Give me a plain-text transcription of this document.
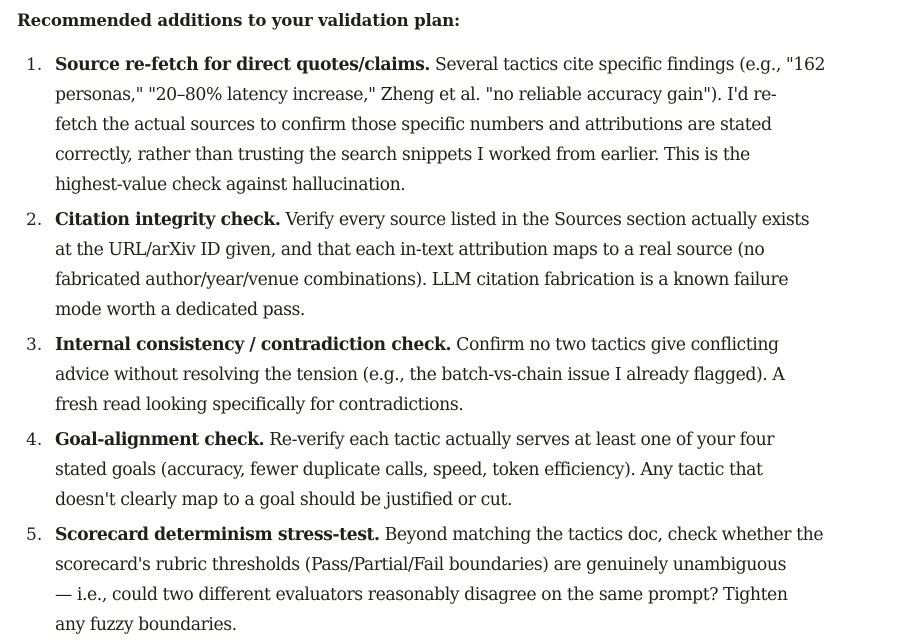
Recommended additions to your validation plan:
1. Source re-fetch for direct quotes/claims. Several tactics cite specific findings (e.g., "162
personas," "20–80% latency increase," Zheng et al. "no reliable accuracy gain"). I'd re-
fetch the actual sources to confirm those specific numbers and attributions are stated
correctly, rather than trusting the search snippets I worked from earlier. This is the
highest-value check against hallucination.
2. Citation integrity check. Verify every source listed in the Sources section actually exists
at the URL/arXiv ID given, and that each in-text attribution maps to a real source (no
fabricated author/year/venue combinations). LLM citation fabrication is a known failure
mode worth a dedicated pass.
3. Internal consistency / contradiction check. Confirm no two tactics give conflicting
advice without resolving the tension (e.g., the batch-vs-chain issue I already flagged). A
fresh read looking specifically for contradictions.
4. Goal-alignment check. Re-verify each tactic actually serves at least one of your four
stated goals (accuracy, fewer duplicate calls, speed, token efficiency). Any tactic that
doesn't clearly map to a goal should be justified or cut.
5. Scorecard determinism stress-test. Beyond matching the tactics doc, check whether the
scorecard's rubric thresholds (Pass/Partial/Fail boundaries) are genuinely unambiguous
— i.e., could two different evaluators reasonably disagree on the same prompt? Tighten
any fuzzy boundaries.
